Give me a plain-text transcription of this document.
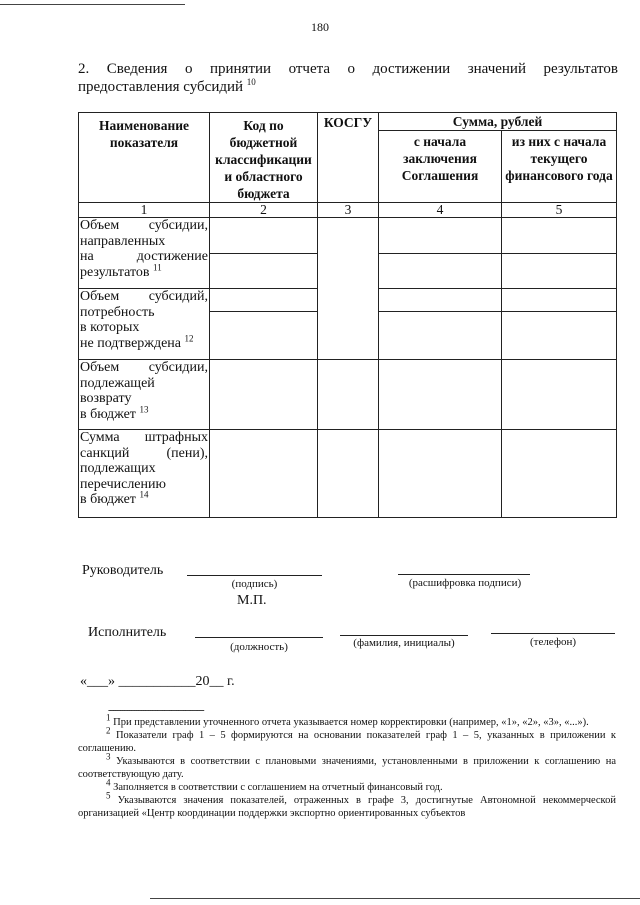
180
2. Сведения о принятии отчета о достижении значений результатов
предоставления субсидий $^{10}$
Наименование показателя	Код по бюджетной классификации и областного бюджета	КОСГУ	Сумма, рублей	
			с начала заключения Соглашения	из них с начала текущего финансового года
1	2	3	4	5

Объем субсидии,
направленных
на достижение
результатов $^{11}$

Объем субсидий,
потребность
в которых
не подтверждена $^{12}$

Объем субсидии,
подлежащей
возврату
в бюджет $^{13}$

Сумма штрафных
санкций (пени),
подлежащих
перечислению
в бюджет $^{14}$

Руководитель
(подпись)	(расшифровка подписи)
М.П.
Исполнитель
(должность)	(фамилия, инициалы)	(телефон)
«___» ___________20__ г.
-----------------------------------------

$^1$ При представлении уточненного отчета указывается номер корректировки (например, «1», «2», «3», «...»).

$^2$ Показатели граф 1 – 5 формируются на основании показателей граф 1 – 5, указанных в приложении к соглашению.

$^3$ Указываются в соответствии с плановыми значениями, установленными в приложении к соглашению на соответствующую дату.

$^4$ Заполняется в соответствии с соглашением на отчетный финансовый год.

$^5$ Указываются значения показателей, отраженных в графе 3, достигнутые Автономной некоммерческой организацией «Центр координации поддержки экспортно ориентированных субъектов
